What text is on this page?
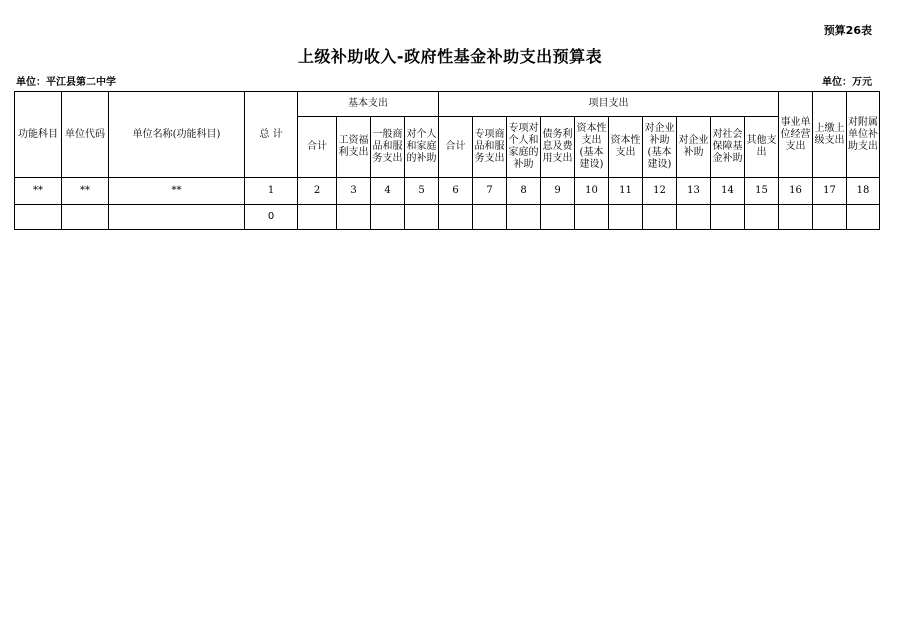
预算26表
上级补助收入-政府性基金补助支出预算表
单位：平江县第二中学	单位：万元
功能科目	单位代码	单位名称(功能科目)	总 计	基本支出				项目支出										事业单位经营支出	上缴上级支出	对附属单位补助支出
				合计	工资福利支出	一般商品和服务支出	对个人和家庭的补助	合计	专项商品和服务支出	专项对个人和家庭的补助	债务利息及费用支出	资本性支出(基本建设)	资本性支出	对企业补助(基本建设)	对企业补助	对社会保障基金补助	其他支出			
**	**	**	1	2	3	4	5	6	7	8	9	10	11	12	13	14	15	16	17	18
			0																	
